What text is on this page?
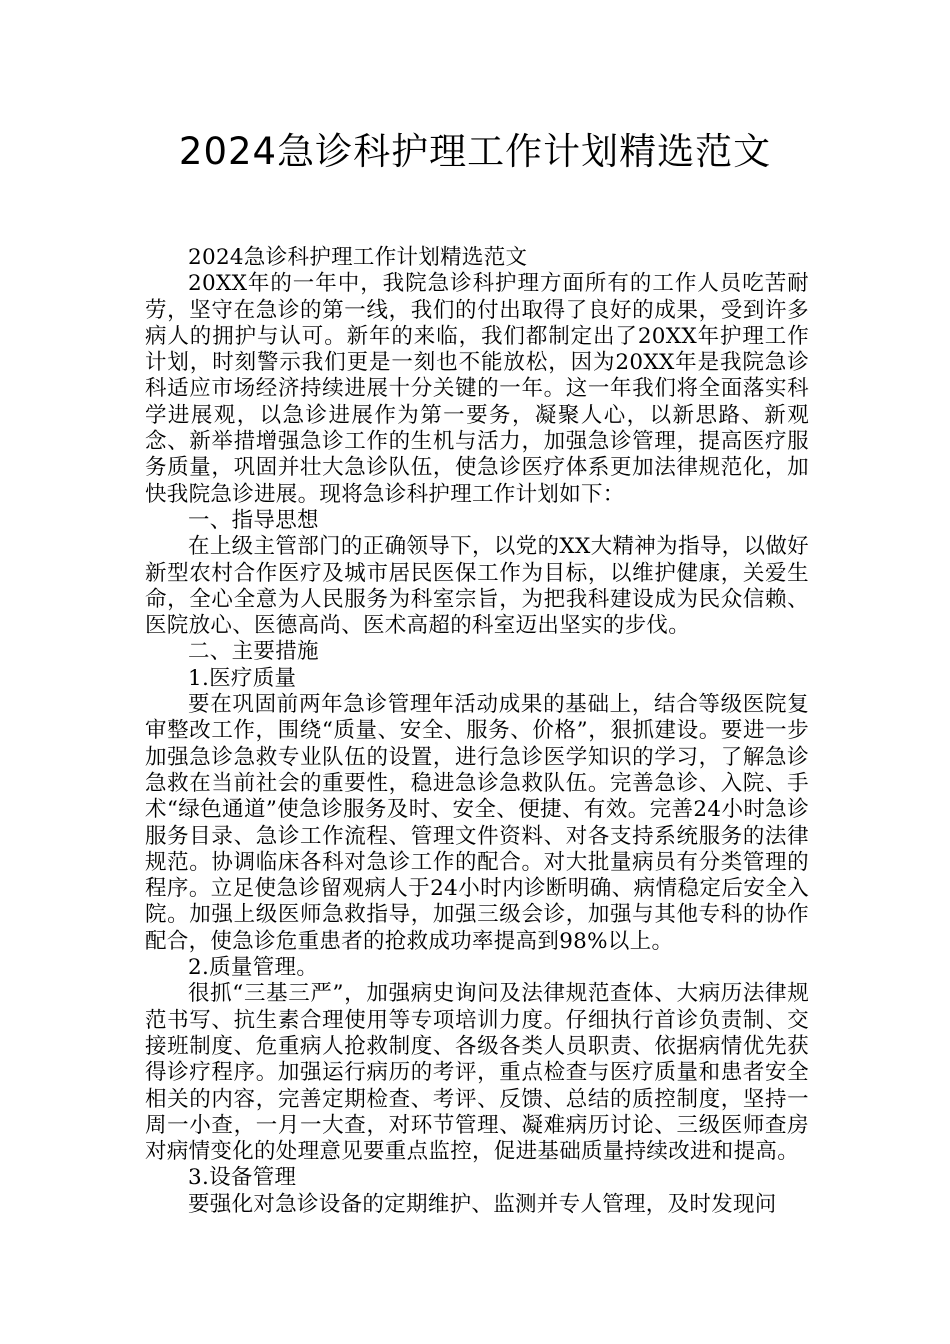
2024急诊科护理工作计划精选范文

2024急诊科护理工作计划精选范文

20XX年的一年中，我院急诊科护理方面所有的工作人员吃苦耐劳，坚守在急诊的第一线，我们的付出取得了良好的成果，受到许多病人的拥护与认可。新年的来临，我们都制定出了20XX年护理工作计划，时刻警示我们更是一刻也不能放松，因为20XX年是我院急诊科适应市场经济持续进展十分关键的一年。这一年我们将全面落实科学进展观，以急诊进展作为第一要务，凝聚人心，以新思路、新观念、新举措增强急诊工作的生机与活力，加强急诊管理，提高医疗服务质量，巩固并壮大急诊队伍，使急诊医疗体系更加法律规范化，加快我院急诊进展。现将急诊科护理工作计划如下：

一、指导思想

在上级主管部门的正确领导下，以党的XX大精神为指导，以做好新型农村合作医疗及城市居民医保工作为目标，以维护健康，关爱生命，全心全意为人民服务为科室宗旨，为把我科建设成为民众信赖、医院放心、医德高尚、医术高超的科室迈出坚实的步伐。

二、主要措施

1.医疗质量

要在巩固前两年急诊管理年活动成果的基础上，结合等级医院复审整改工作，围绕“质量、安全、服务、价格”，狠抓建设。要进一步加强急诊急救专业队伍的设置，进行急诊医学知识的学习，了解急诊急救在当前社会的重要性，稳进急诊急救队伍。完善急诊、入院、手术“绿色通道”使急诊服务及时、安全、便捷、有效。完善24小时急诊服务目录、急诊工作流程、管理文件资料、对各支持系统服务的法律规范。协调临床各科对急诊工作的配合。对大批量病员有分类管理的程序。立足使急诊留观病人于24小时内诊断明确、病情稳定后安全入院。加强上级医师急救指导，加强三级会诊，加强与其他专科的协作配合，使急诊危重患者的抢救成功率提高到98%以上。

2.质量管理。

很抓“三基三严”，加强病史询问及法律规范查体、大病历法律规范书写、抗生素合理使用等专项培训力度。仔细执行首诊负责制、交接班制度、危重病人抢救制度、各级各类人员职责、依据病情优先获得诊疗程序。加强运行病历的考评，重点检查与医疗质量和患者安全相关的内容，完善定期检查、考评、反馈、总结的质控制度，坚持一周一小查，一月一大查，对环节管理、凝难病历讨论、三级医师查房对病情变化的处理意见要重点监控，促进基础质量持续改进和提高。

3.设备管理

要强化对急诊设备的定期维护、监测并专人管理，及时发现问
